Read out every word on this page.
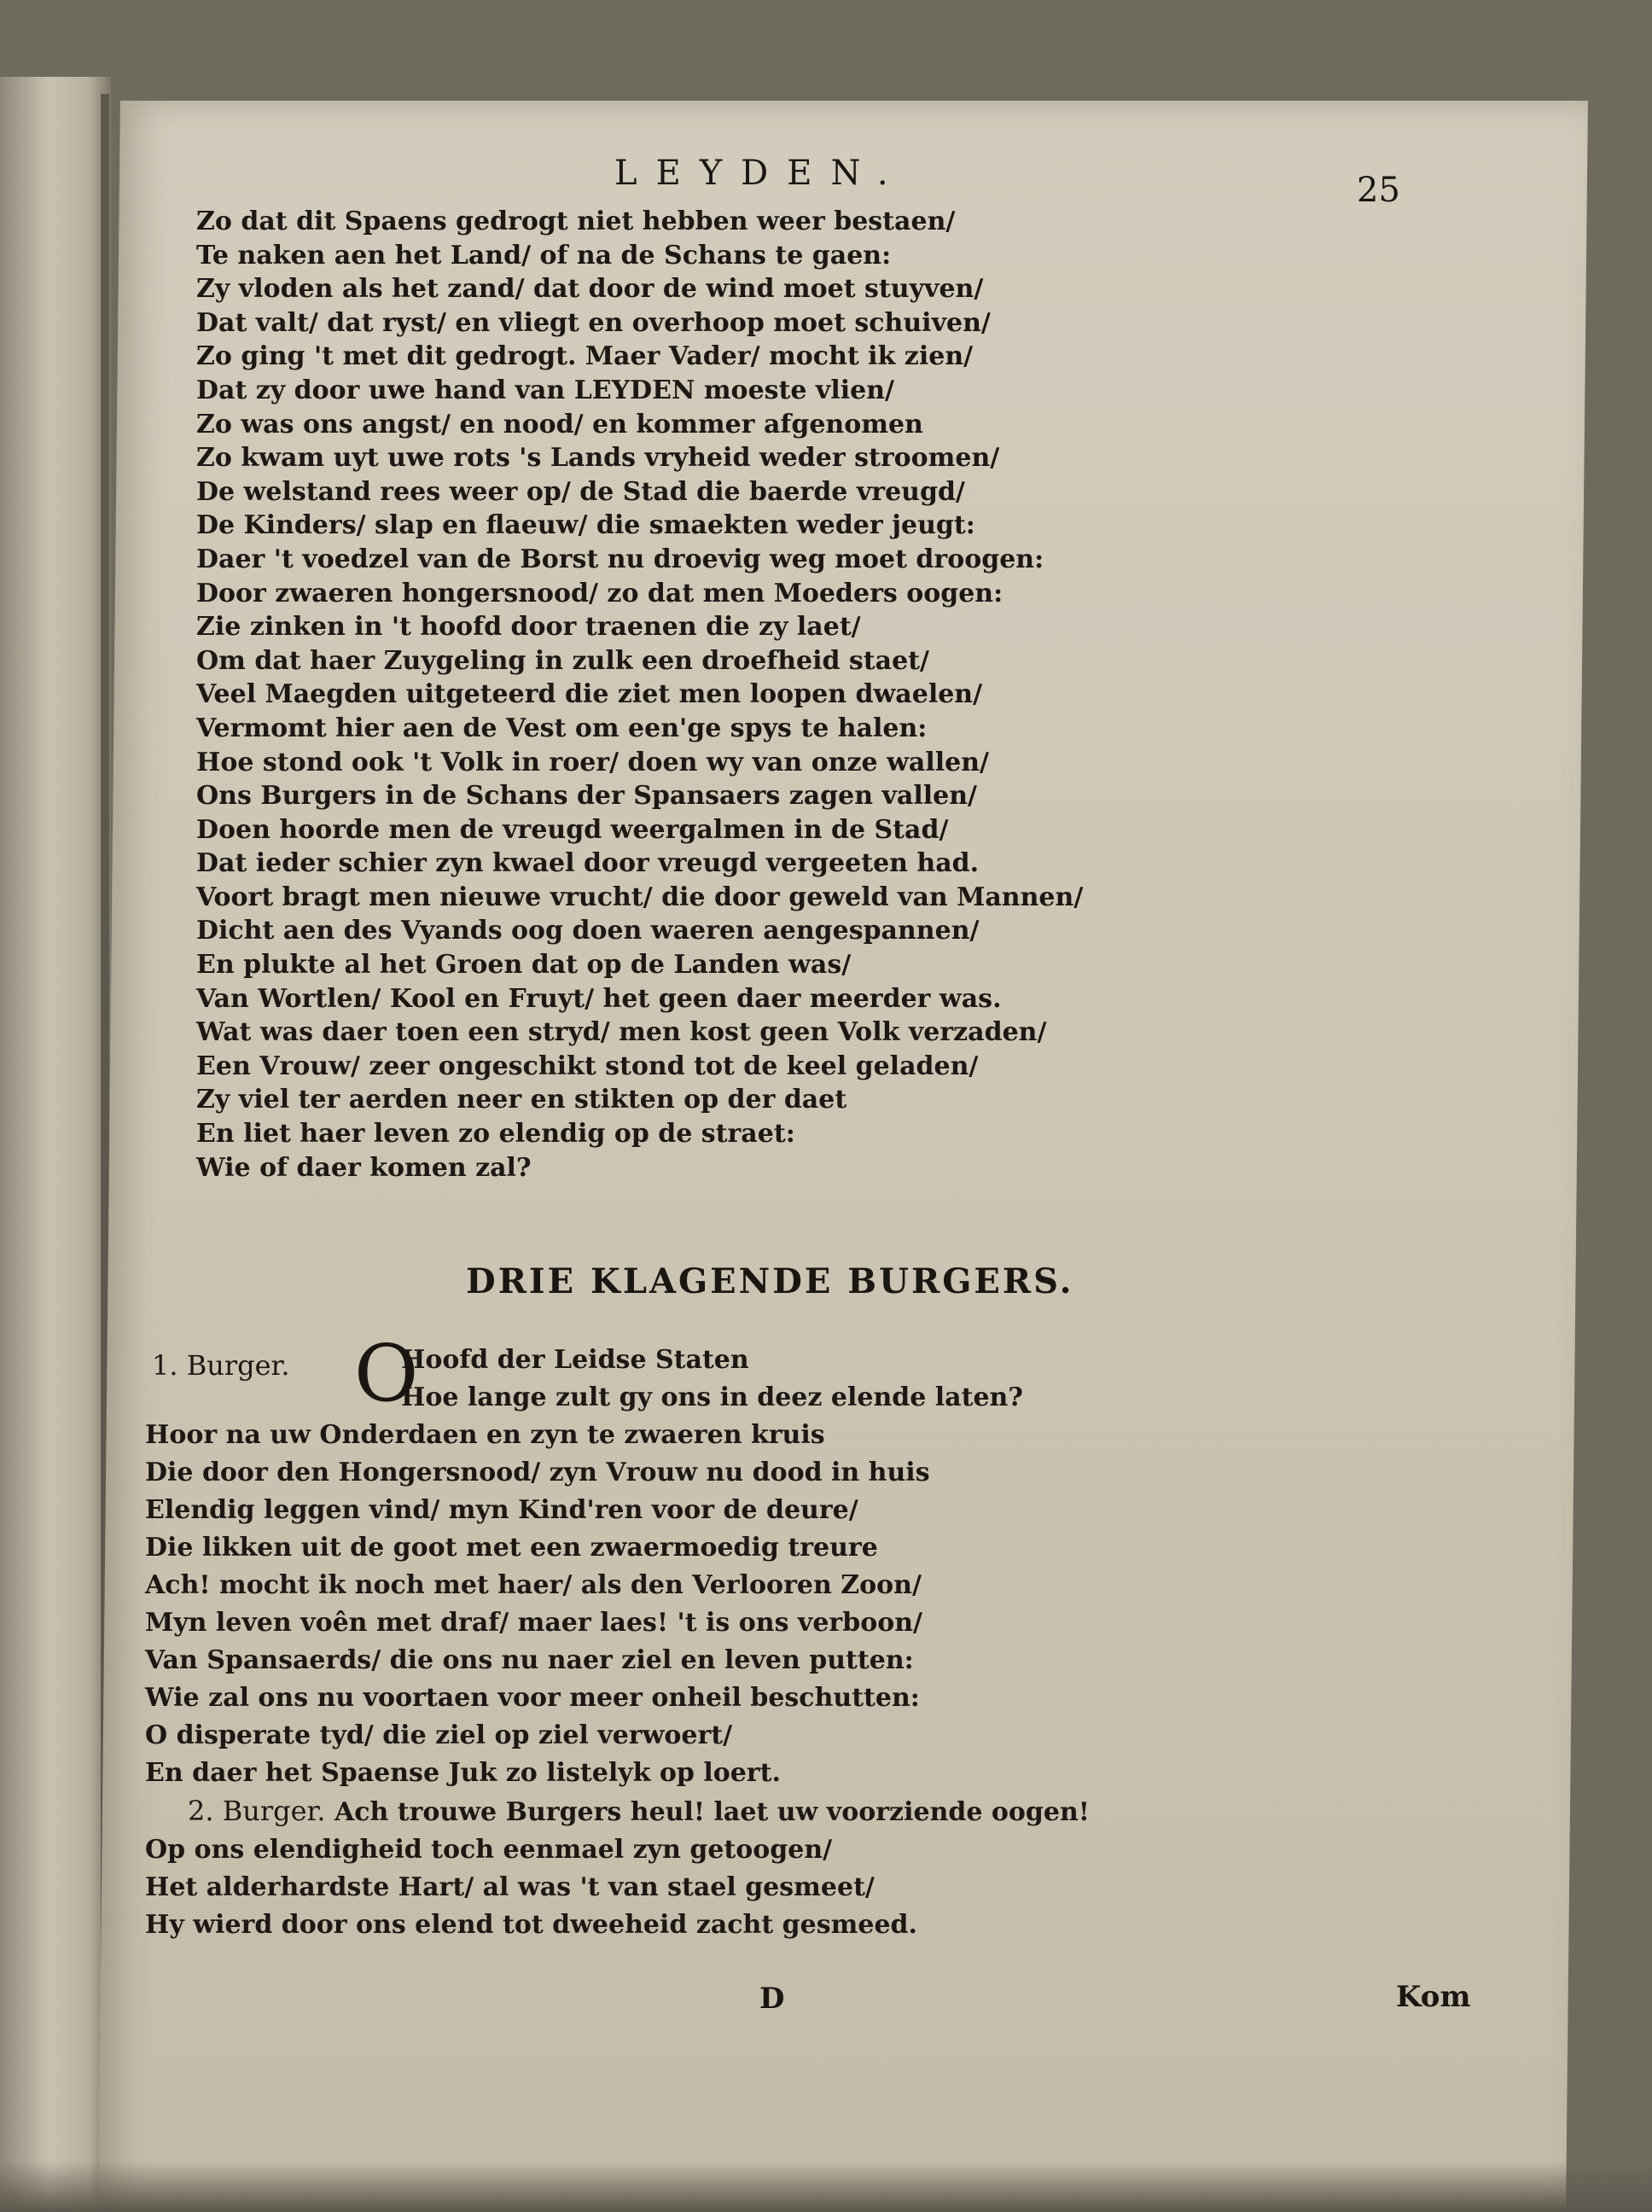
LEYDEN.	25
Zo dat dit Spaens gedrogt niet hebben weer bestaen/
Te naken aen het Land/ of na de Schans te gaen:
Zy vloden als het zand/ dat door de wind moet stuyven/
Dat valt/ dat ryst/ en vliegt en overhoop moet schuiven/
Zo ging 't met dit gedrogt. Maer Vader/ mocht ik zien/
Dat zy door uwe hand van LEYDEN moeste vlien/
Zo was ons angst/ en nood/ en kommer afgenomen
Zo kwam uyt uwe rots 's Lands vryheid weder stroomen/
De welstand rees weer op/ de Stad die baerde vreugd/
De Kinders/ slap en flaeuw/ die smaekten weder jeugt:
Daer 't voedzel van de Borst nu droevig weg moet droogen:
Door zwaeren hongersnood/ zo dat men Moeders oogen:
Zie zinken in 't hoofd door traenen die zy laet/
Om dat haer Zuygeling in zulk een droefheid staet/
Veel Maegden uitgeteerd die ziet men loopen dwaelen/
Vermomt hier aen de Vest om een'ge spys te halen:
Hoe stond ook 't Volk in roer/ doen wy van onze wallen/
Ons Burgers in de Schans der Spansaers zagen vallen/
Doen hoorde men de vreugd weergalmen in de Stad/
Dat ieder schier zyn kwael door vreugd vergeeten had.
Voort bragt men nieuwe vrucht/ die door geweld van Mannen/
Dicht aen des Vyands oog doen waeren aengespannen/
En plukte al het Groen dat op de Landen was/
Van Wortlen/ Kool en Fruyt/ het geen daer meerder was.
Wat was daer toen een stryd/ men kost geen Volk verzaden/
Een Vrouw/ zeer ongeschikt stond tot de keel geladen/
Zy viel ter aerden neer en stikten op der daet
En liet haer leven zo elendig op de straet:
Wie of daer komen zal?
DRIE KLAGENDE BURGERS.
1. Burger. O
Hoofd der Leidse Staten
Hoe lange zult gy ons in deez elende laten?
Hoor na uw Onderdaen en zyn te zwaeren kruis
Die door den Hongersnood/ zyn Vrouw nu dood in huis
Elendig leggen vind/ myn Kind'ren voor de deure/
Die likken uit de goot met een zwaermoedig treure
Ach! mocht ik noch met haer/ als den Verlooren Zoon/
Myn leven voên met draf/ maer laes! 't is ons verboon/
Van Spansaerds/ die ons nu naer ziel en leven putten:
Wie zal ons nu voortaen voor meer onheil beschutten:
O disperate tyd/ die ziel op ziel verwoert/
En daer het Spaense Juk zo listelyk op loert.
2. Burger. Ach trouwe Burgers heul! laet uw voorziende oogen!
Op ons elendigheid toch eenmael zyn getoogen/
Het alderhardste Hart/ al was 't van stael gesmeet/
Hy wierd door ons elend tot dweeheid zacht gesmeed.
D	Kom
